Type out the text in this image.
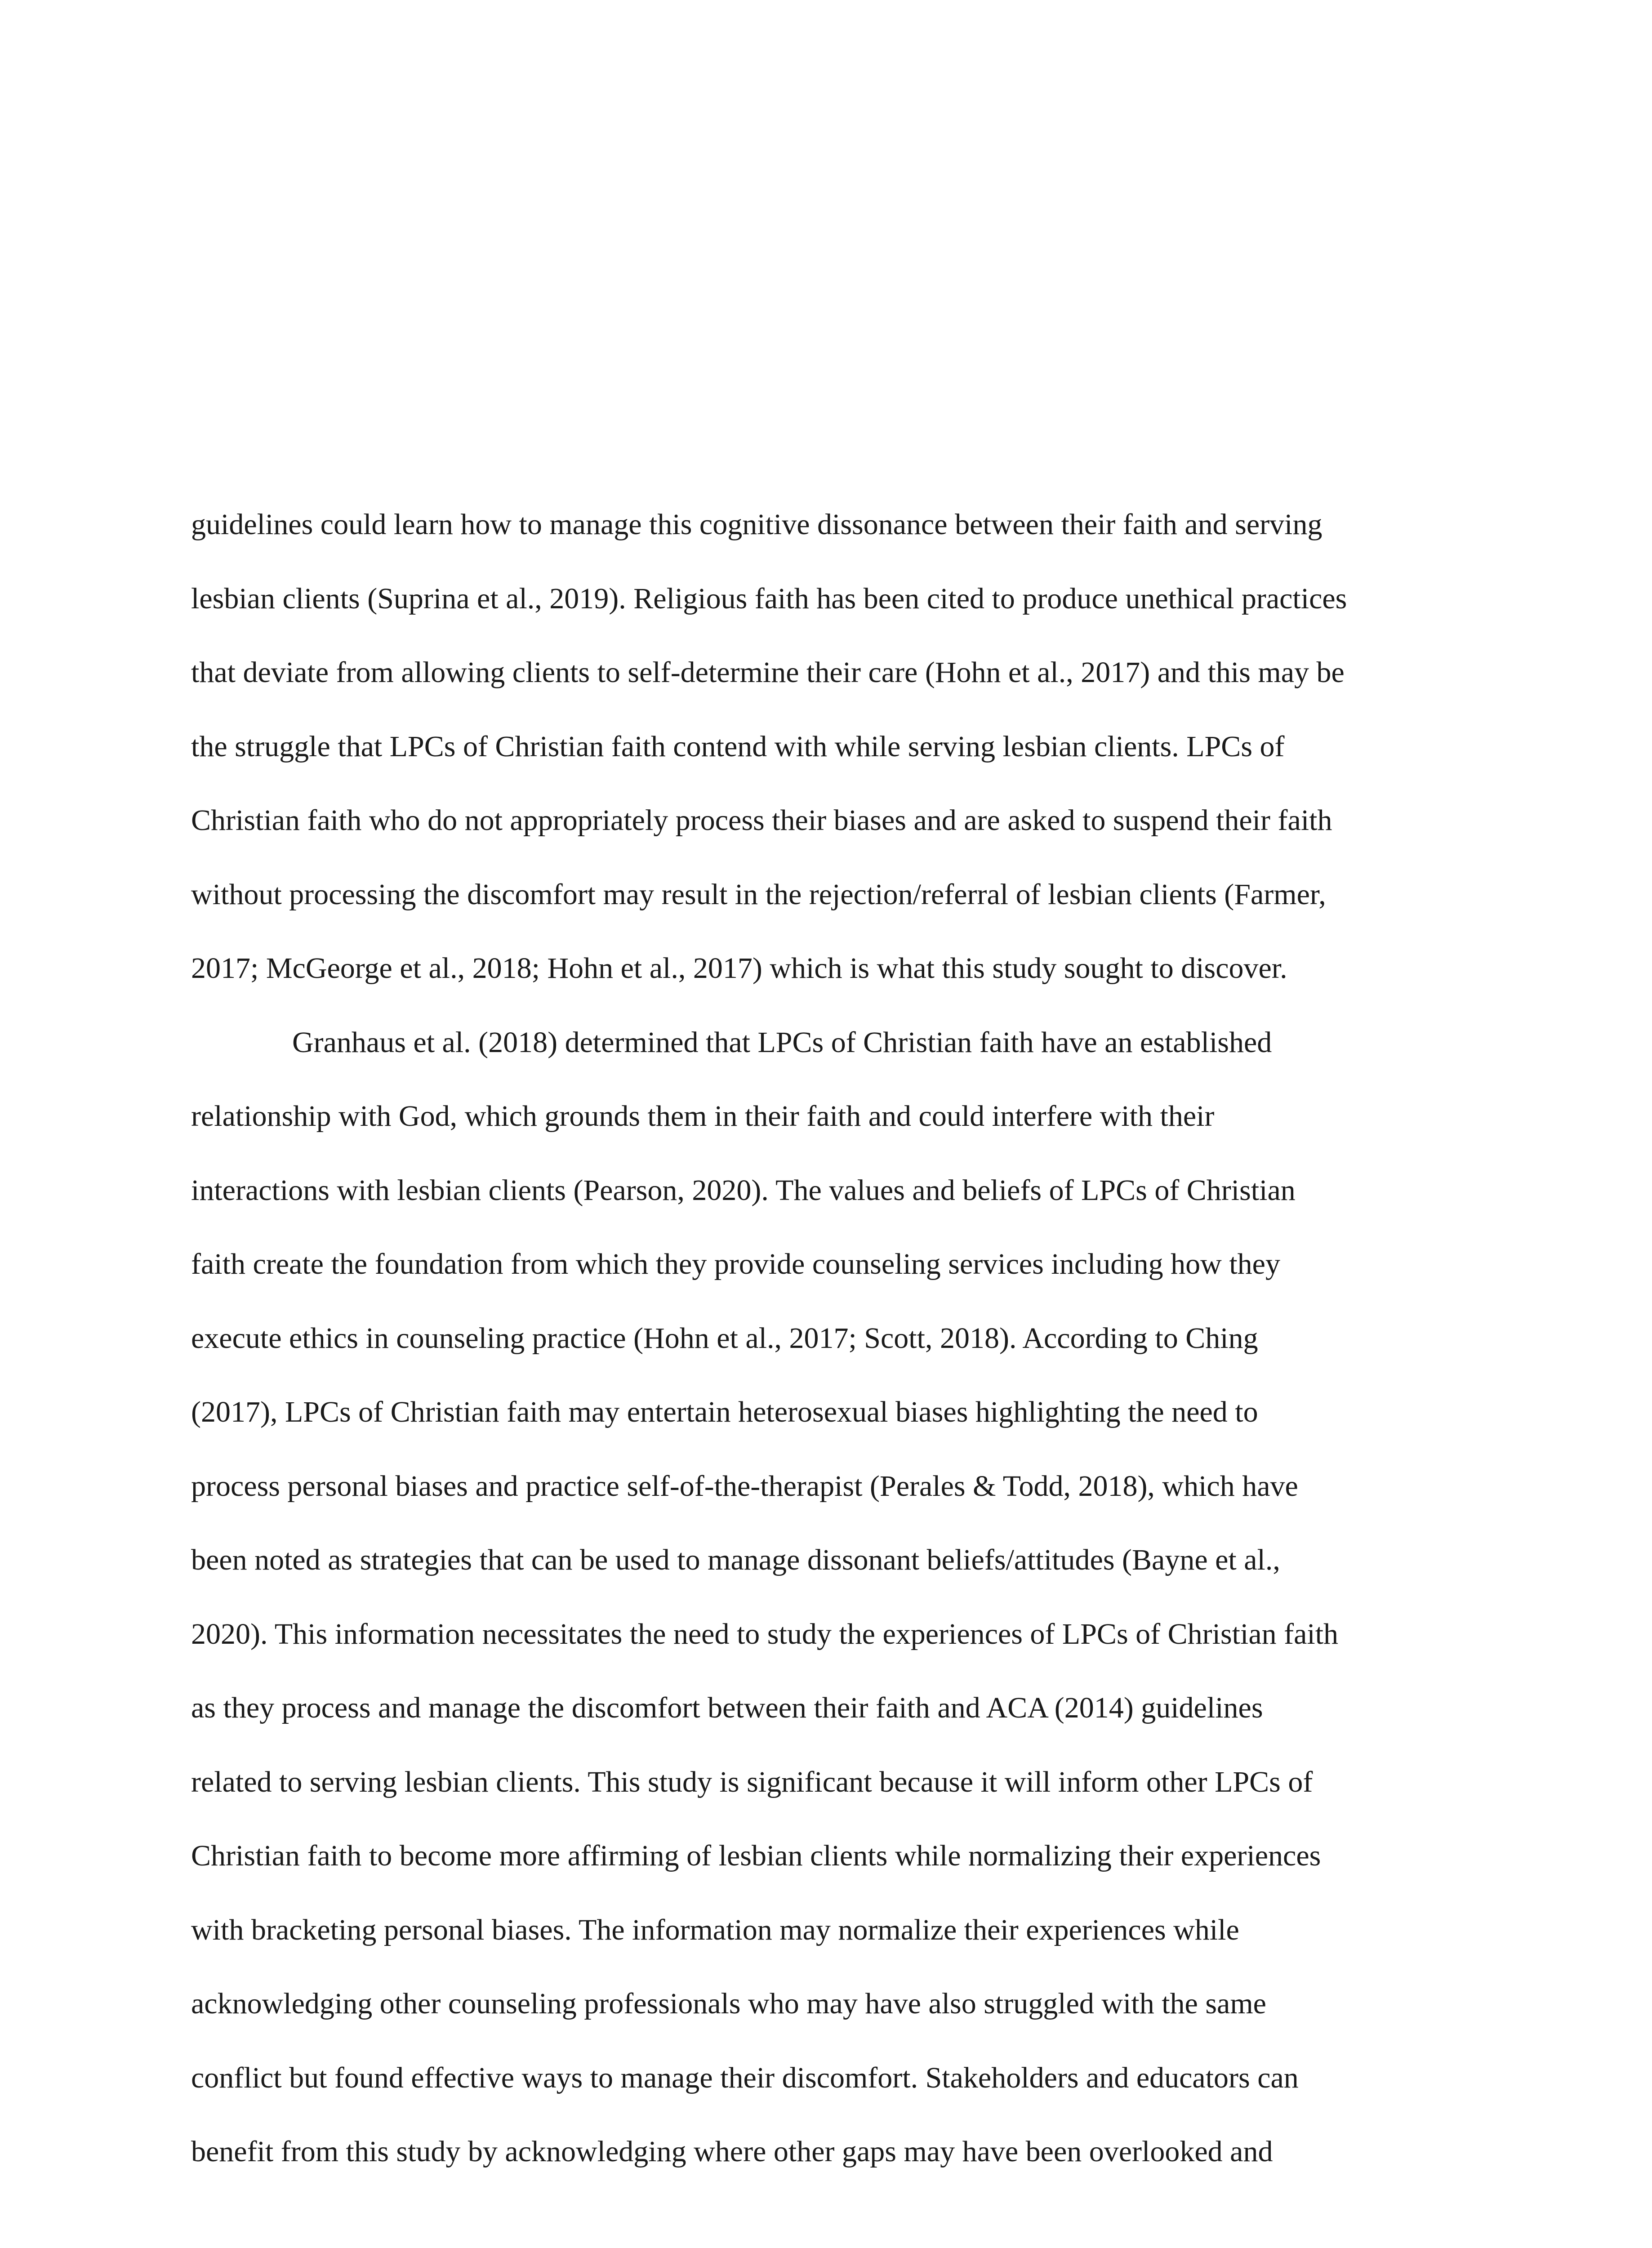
guidelines could learn how to manage this cognitive dissonance between their faith and serving
lesbian clients (Suprina et al., 2019). Religious faith has been cited to produce unethical practices
that deviate from allowing clients to self-determine their care (Hohn et al., 2017) and this may be
the struggle that LPCs of Christian faith contend with while serving lesbian clients. LPCs of
Christian faith who do not appropriately process their biases and are asked to suspend their faith
without processing the discomfort may result in the rejection/referral of lesbian clients (Farmer,
2017; McGeorge et al., 2018; Hohn et al., 2017) which is what this study sought to discover.
Granhaus et al. (2018) determined that LPCs of Christian faith have an established
relationship with God, which grounds them in their faith and could interfere with their
interactions with lesbian clients (Pearson, 2020). The values and beliefs of LPCs of Christian
faith create the foundation from which they provide counseling services including how they
execute ethics in counseling practice (Hohn et al., 2017; Scott, 2018). According to Ching
(2017), LPCs of Christian faith may entertain heterosexual biases highlighting the need to
process personal biases and practice self-of-the-therapist (Perales & Todd, 2018), which have
been noted as strategies that can be used to manage dissonant beliefs/attitudes (Bayne et al.,
2020). This information necessitates the need to study the experiences of LPCs of Christian faith
as they process and manage the discomfort between their faith and ACA (2014) guidelines
related to serving lesbian clients. This study is significant because it will inform other LPCs of
Christian faith to become more affirming of lesbian clients while normalizing their experiences
with bracketing personal biases. The information may normalize their experiences while
acknowledging other counseling professionals who may have also struggled with the same
conflict but found effective ways to manage their discomfort. Stakeholders and educators can
benefit from this study by acknowledging where other gaps may have been overlooked and
